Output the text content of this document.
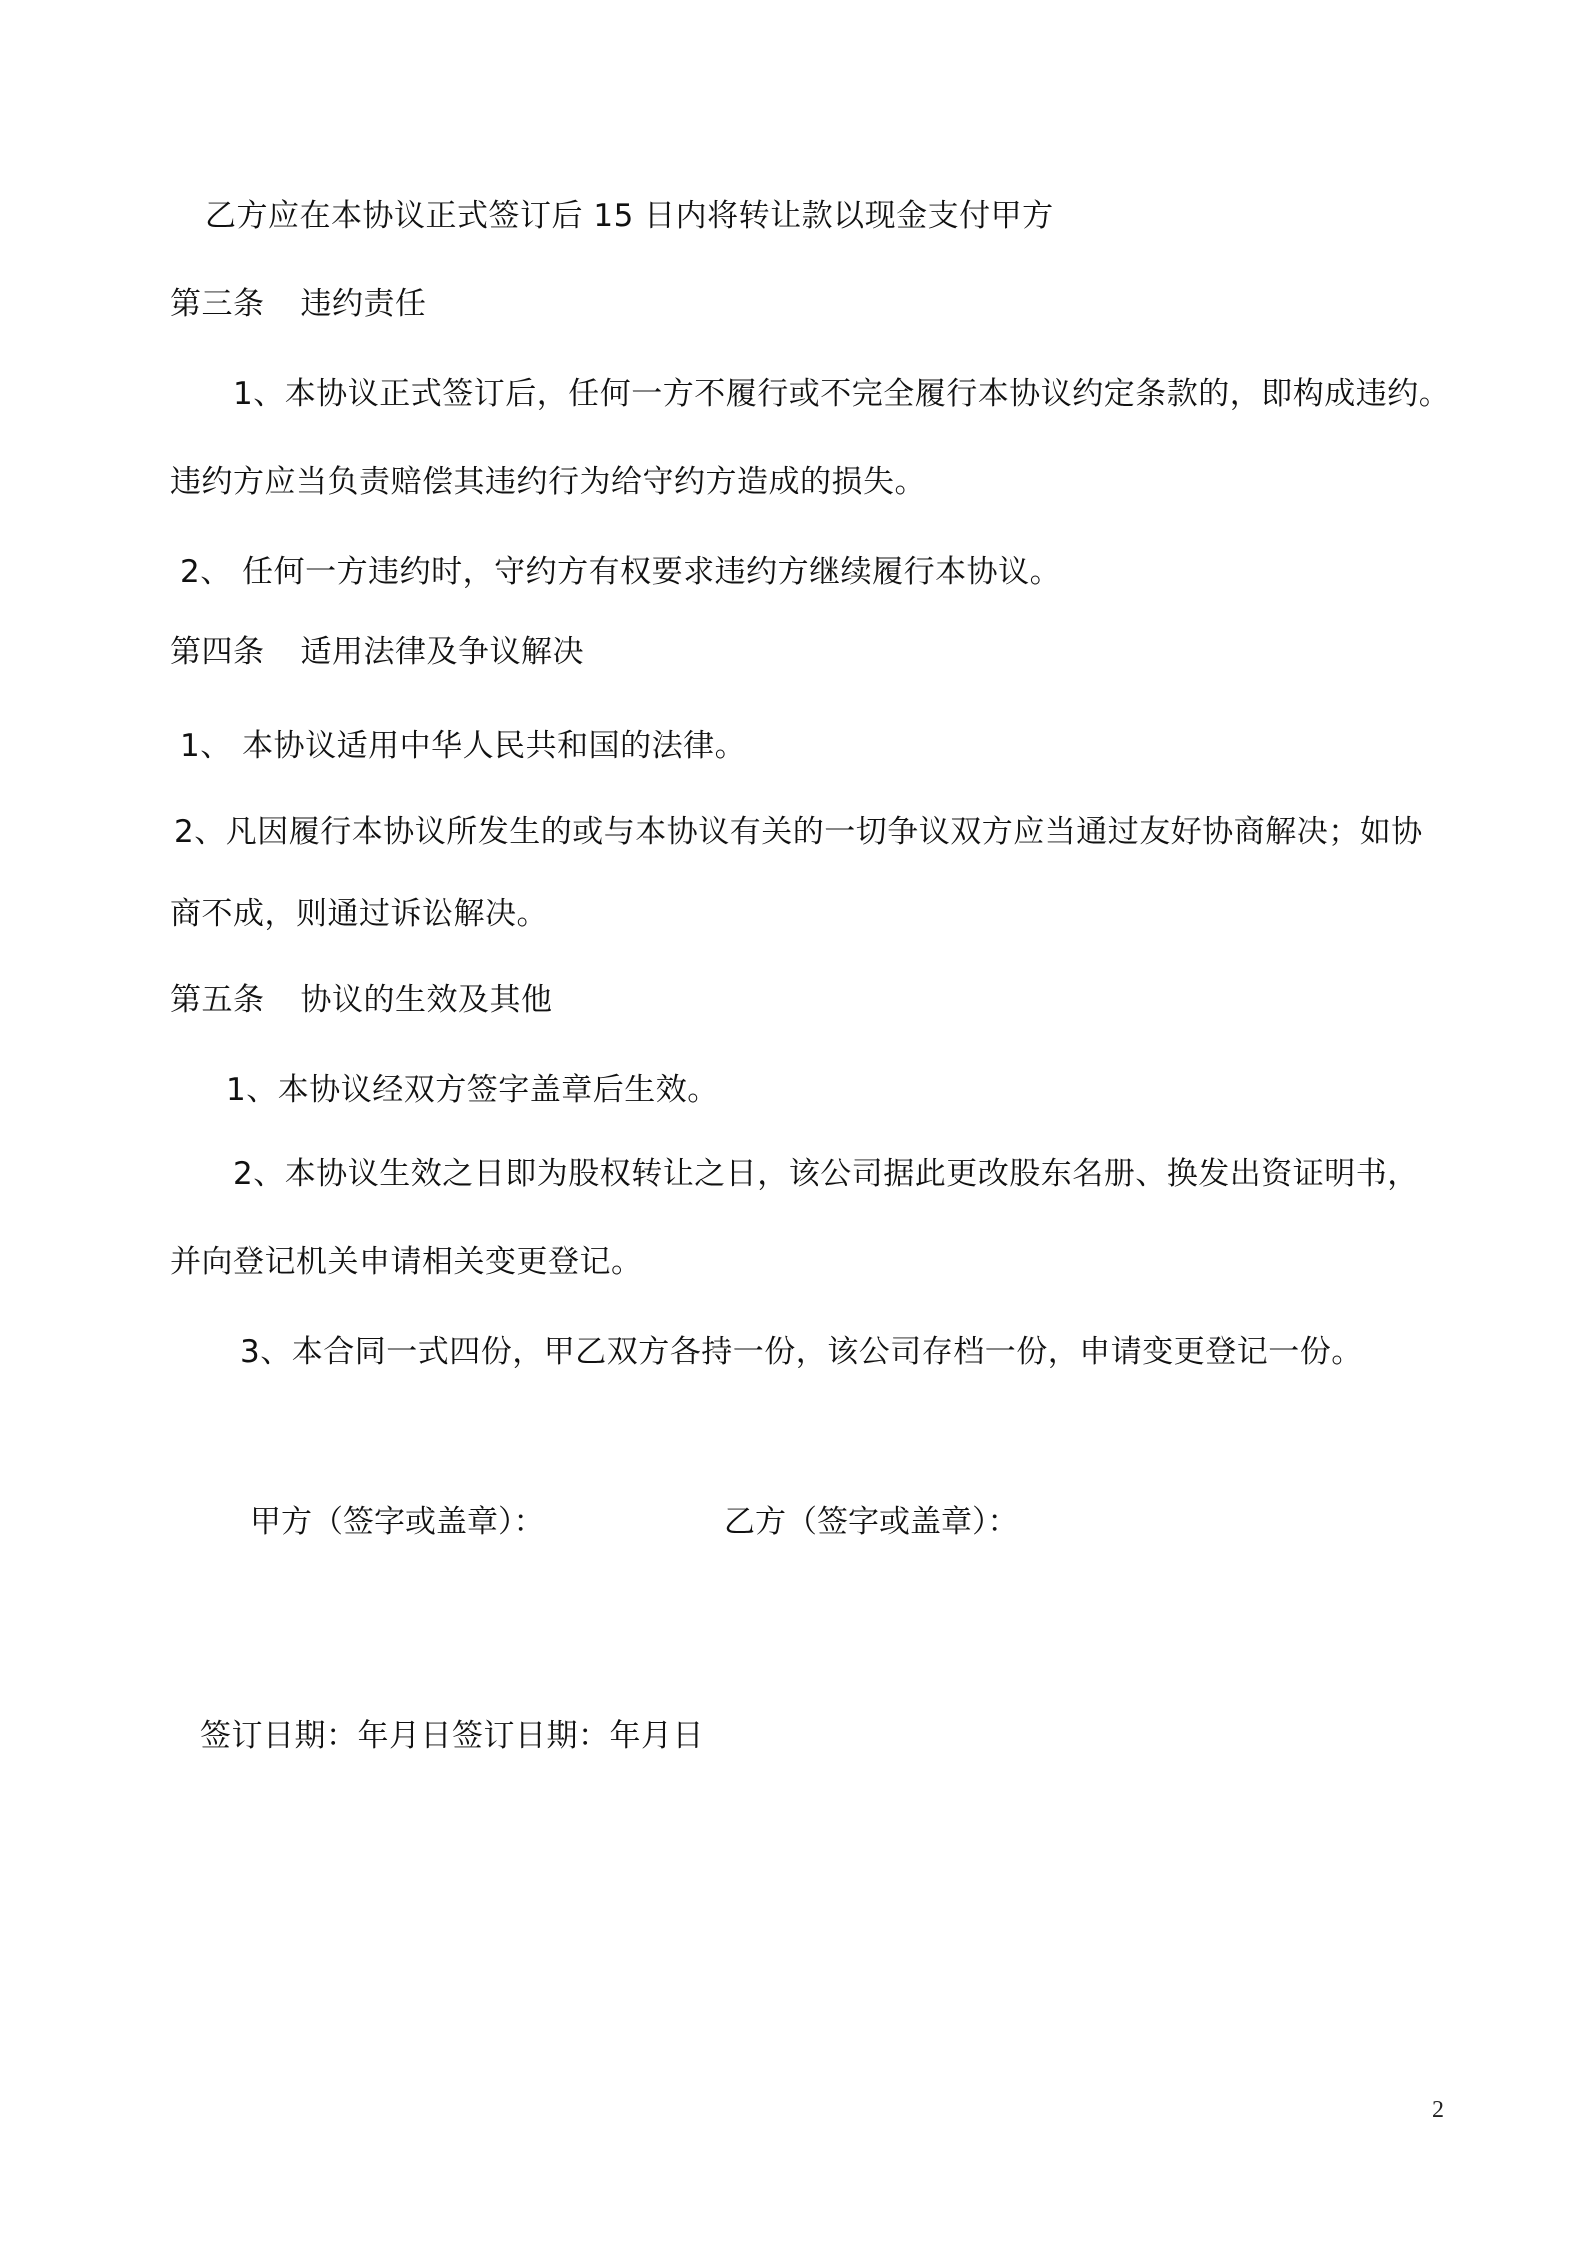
乙方应在本协议正式签订后 15 日内将转让款以现金支付甲方
第三条 违约责任
1、本协议正式签订后，任何一方不履行或不完全履行本协议约定条款的，即构成违约。
违约方应当负责赔偿其违约行为给守约方造成的损失。
2、 任何一方违约时，守约方有权要求违约方继续履行本协议。
第四条 适用法律及争议解决
1、 本协议适用中华人民共和国的法律。
2、凡因履行本协议所发生的或与本协议有关的一切争议双方应当通过友好协商解决；如协
商不成，则通过诉讼解决。
第五条 协议的生效及其他
1、本协议经双方签字盖章后生效。
2、本协议生效之日即为股权转让之日，该公司据此更改股东名册、换发出资证明书，
并向登记机关申请相关变更登记。
3、本合同一式四份，甲乙双方各持一份，该公司存档一份，申请变更登记一份。
甲方（签字或盖章）：	乙方（签字或盖章）：
签订日期：年月日签订日期：年月日
2
